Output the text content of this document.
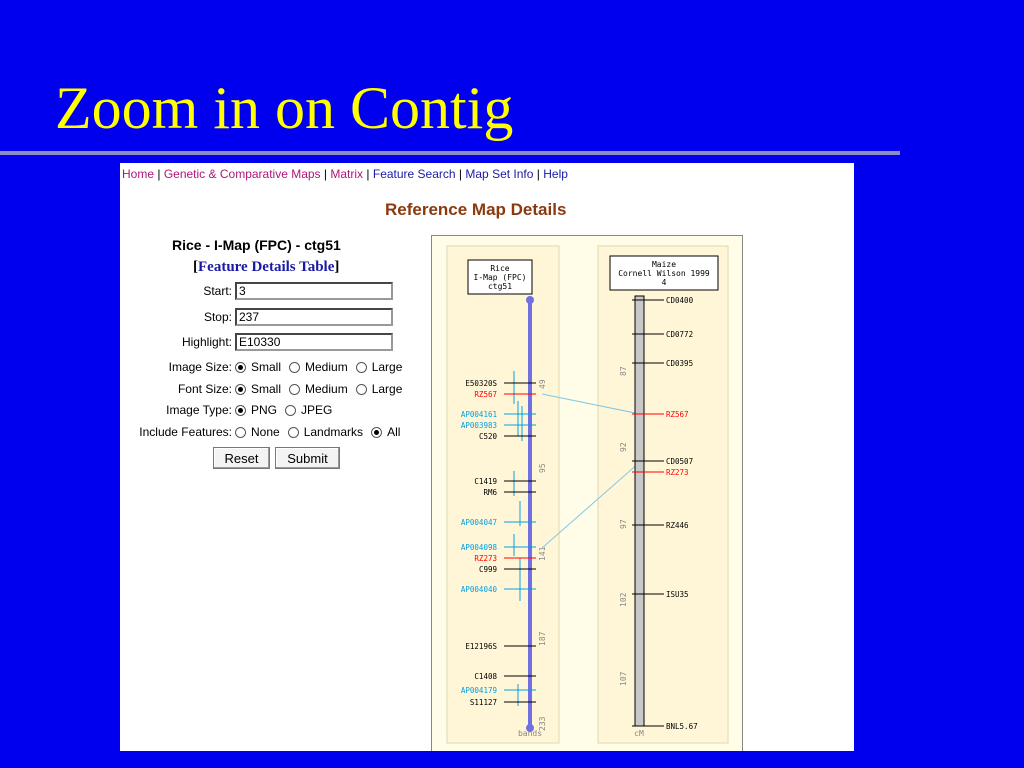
Zoom in on Contig
Home | Genetic & Comparative Maps | Matrix | Feature Search | Map Set Info | Help
Reference Map Details
Rice - I-Map (FPC) - ctg51
[Feature Details Table]
Start:
3
Stop:
237
Highlight:
E10330
Image Size: Small Medium Large
Font Size: Small Medium Large
Image Type: PNG JPEG
Include Features: None Landmarks All
Reset	Submit
Rice
I-Map (FPC)
ctg51
49
95
141
187
233
bands
E50320S
RZ567
AP004161
AP003983
C520
C1419
RM6
AP004047
AP004098
RZ273
C999
AP004040
E12196S
C1408
AP004179
S11127
Maize
Cornell Wilson 1999
4
87
92
97
102
107
cM
CD0400
CD0772
CD0395
RZ567
CD0507
RZ273
RZ446
ISU35
BNL5.67
